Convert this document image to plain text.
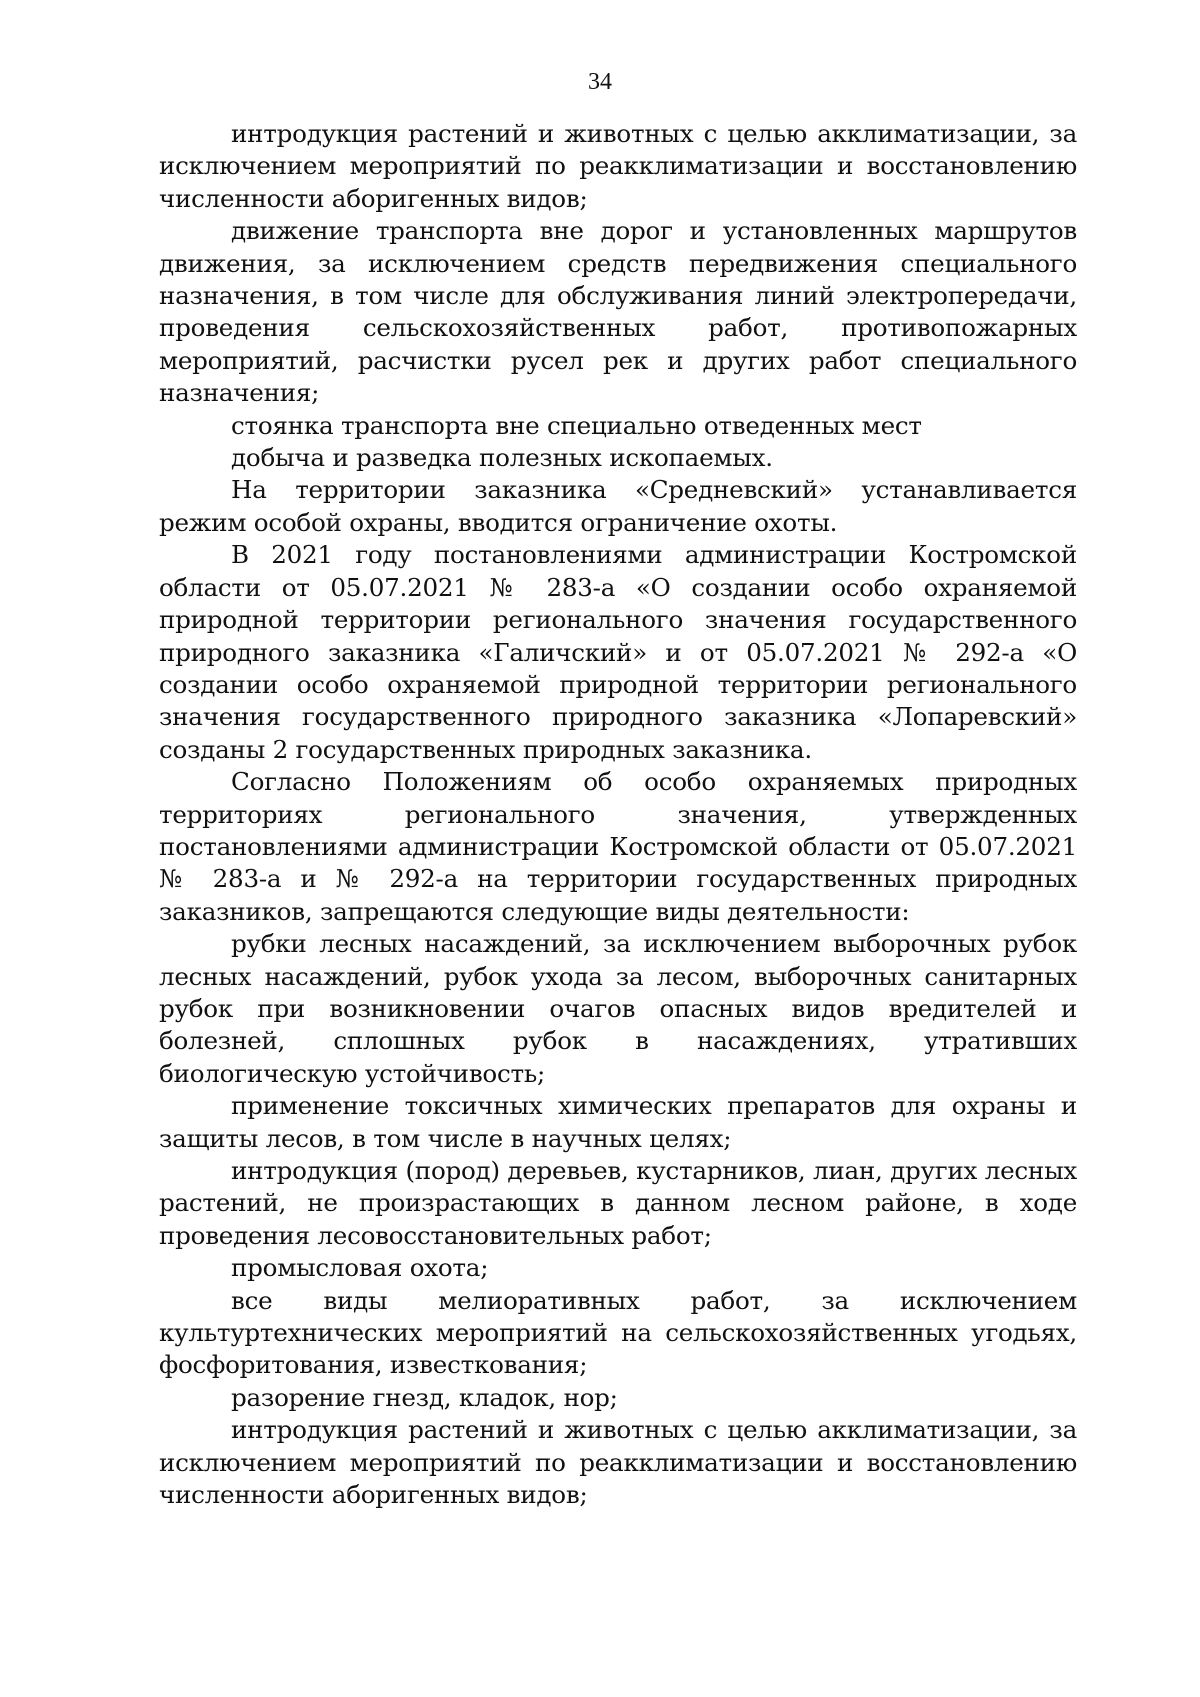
34

интродукция растений и животных с целью акклиматизации, за исключением мероприятий по реакклиматизации и восстановлению численности аборигенных видов;

движение транспорта вне дорог и установленных маршрутов движения, за исключением средств передвижения специального назначения, в том числе для обслуживания линий электропередачи, проведения сельскохозяйственных работ, противопожарных мероприятий, расчистки русел рек и других работ специального назначения;

стоянка транспорта вне специально отведенных мест

добыча и разведка полезных ископаемых.

На территории заказника «Средневский» устанавливается режим особой охраны, вводится ограничение охоты.

В 2021 году постановлениями администрации Костромской области от 05.07.2021 № 283-а «О создании особо охраняемой природной территории регионального значения государственного природного заказника «Галичский» и от 05.07.2021 № 292-а «О создании особо охраняемой природной территории регионального значения государственного природного заказника «Лопаревский» созданы 2 государственных природных заказника.

Согласно Положениям об особо охраняемых природных территориях регионального значения, утвержденных постановлениями администрации Костромской области от 05.07.2021 № 283-а и № 292-а на территории государственных природных заказников, запрещаются следующие виды деятельности:

рубки лесных насаждений, за исключением выборочных рубок лесных насаждений, рубок ухода за лесом, выборочных санитарных рубок при возникновении очагов опасных видов вредителей и болезней, сплошных рубок в насаждениях, утративших биологическую устойчивость;

применение токсичных химических препаратов для охраны и защиты лесов, в том числе в научных целях;

интродукция (пород) деревьев, кустарников, лиан, других лесных растений, не произрастающих в данном лесном районе, в ходе проведения лесовосстановительных работ;

промысловая охота;

все виды мелиоративных работ, за исключением культуртехнических мероприятий на сельскохозяйственных угодьях, фосфоритования, известкования;

разорение гнезд, кладок, нор;

интродукция растений и животных с целью акклиматизации, за исключением мероприятий по реакклиматизации и восстановлению численности аборигенных видов;
